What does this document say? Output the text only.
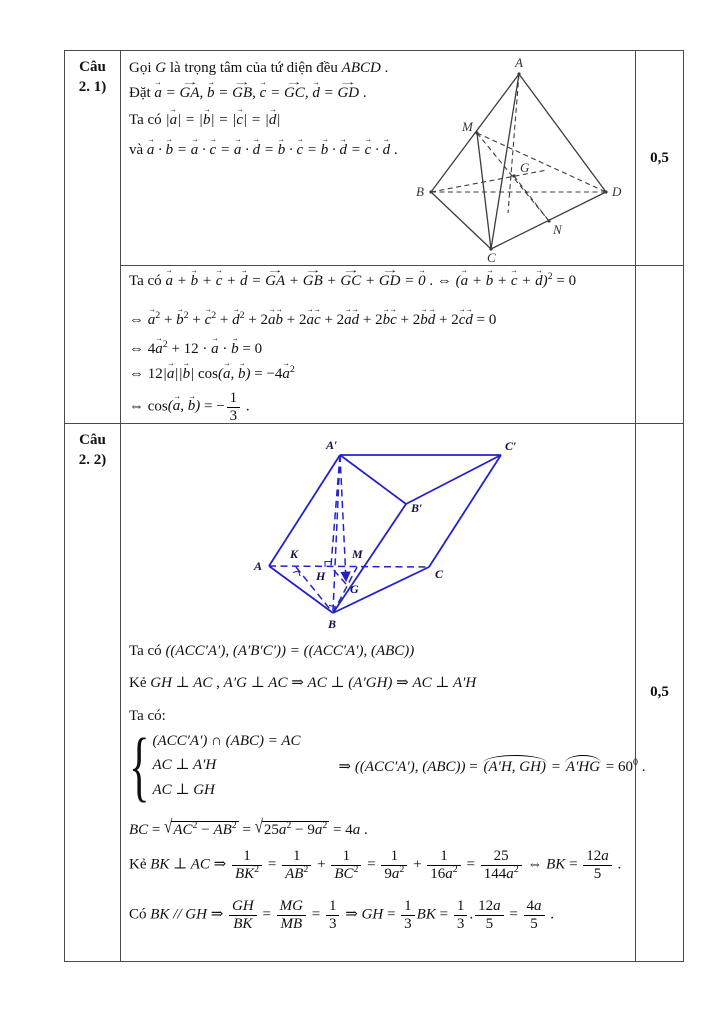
Câu
2. 1)
Gọi G là trọng tâm của tứ diện đều ABCD .
Đặt a → = GA →, b → = GB →, c → = GC →, d → = GD → .
Ta có |a →| = |b →| = |c →| = |d →|
và a → · b → = a → · c → = a → · d → = b → · c → = b → · d → = c → · d → .
A
M
B
G
D
N
C
0,5
Ta có a → + b → + c → + d → = GA → + GB → + GC → + GD → = 0 → . ⇔ (a → + b → + c → + d →)$^2$ = 0
⇔ a →$^2$ + b →$^2$ + c →$^2$ + d →$^2$ + 2a →b → + 2a →c → + 2a →d → + 2b →c → + 2b →d → + 2c →d → = 0
⇔ 4a →$^2$ + 12 · a → · b → = 0
⇔ 12|a →||b →| cos(a →, b →) = −4a →$^2$
⇔ cos(a →, b →) = − $\frac{1}{3}$ .
Câu
2. 2)
A′	C′
B′
A
K	M
H
G
C
B
Ta có ((ACC′A′), (A′B′C′)) = ((ACC′A′), (ABC))
Kẻ GH ⊥ AC , A′G ⊥ AC ⇒ AC ⊥ (A′GH) ⇒ AC ⊥ A′H
Ta có:
{ (ACC′A′) ∩ (ABC) = AC
AC ⊥ A′H
AC ⊥ GH
⇒ ((ACC′A′), (ABC)) = (A′H, $GH) = A'HG = 60^0$ .
BC = $√AC^2 - AB^2 = √25a^2 - 9a^2 = 4a$ .
Kẻ BK ⊥ AC ⇒ $\frac{1}{BK^2} = \frac{1}{AB^2} + \frac{1}{BC^2} = \frac{1}{9a^2} + \frac{1}{16a^2} = \frac{25}{144a^2}$ ⇔ BK = $\frac{12a}{5}$ .
Có BK // GH ⇒ $\frac{GH}{BK} = \frac{MG}{MB} = \frac{1}{3}$ ⇒ GH = $\frac{1}{3}$ BK = $\frac{1}{3}$ . $\frac{12a}{5} = \frac{4a}{5}$ .
0,5
